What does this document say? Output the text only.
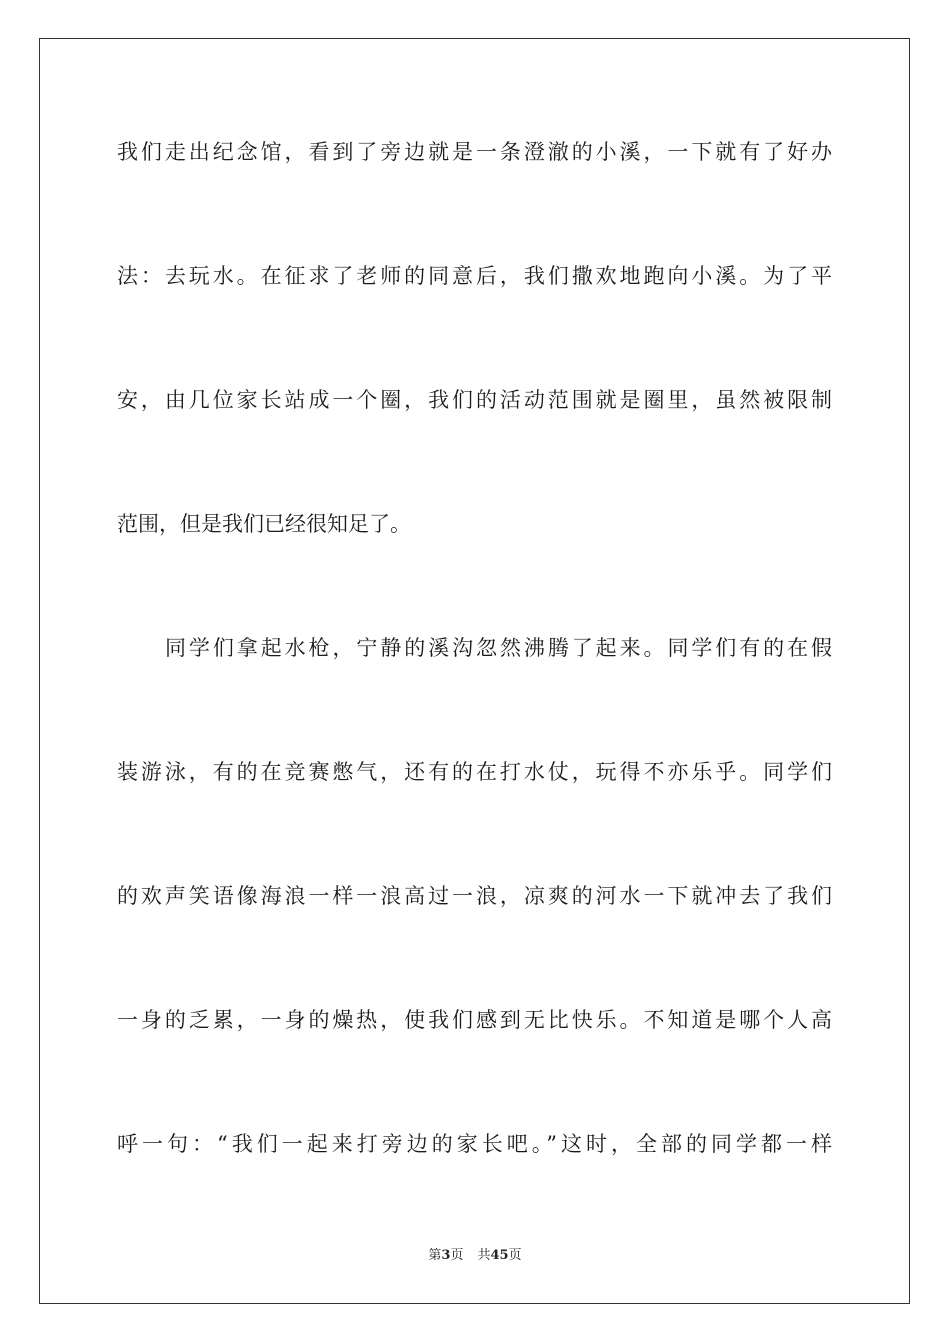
我们走出纪念馆，看到了旁边就是一条澄澈的小溪，一下就有了好办
法：去玩水。在征求了老师的同意后，我们撒欢地跑向小溪。为了平
安，由几位家长站成一个圈，我们的活动范围就是圈里，虽然被限制
范围，但是我们已经很知足了。
同学们拿起水枪，宁静的溪沟忽然沸腾了起来。同学们有的在假
装游泳，有的在竞赛憋气，还有的在打水仗，玩得不亦乐乎。同学们
的欢声笑语像海浪一样一浪高过一浪，凉爽的河水一下就冲去了我们
一身的乏累，一身的燥热，使我们感到无比快乐。不知道是哪个人高
呼一句：“我们一起来打旁边的家长吧。”这时，全部的同学都一样
第3页 共45页
